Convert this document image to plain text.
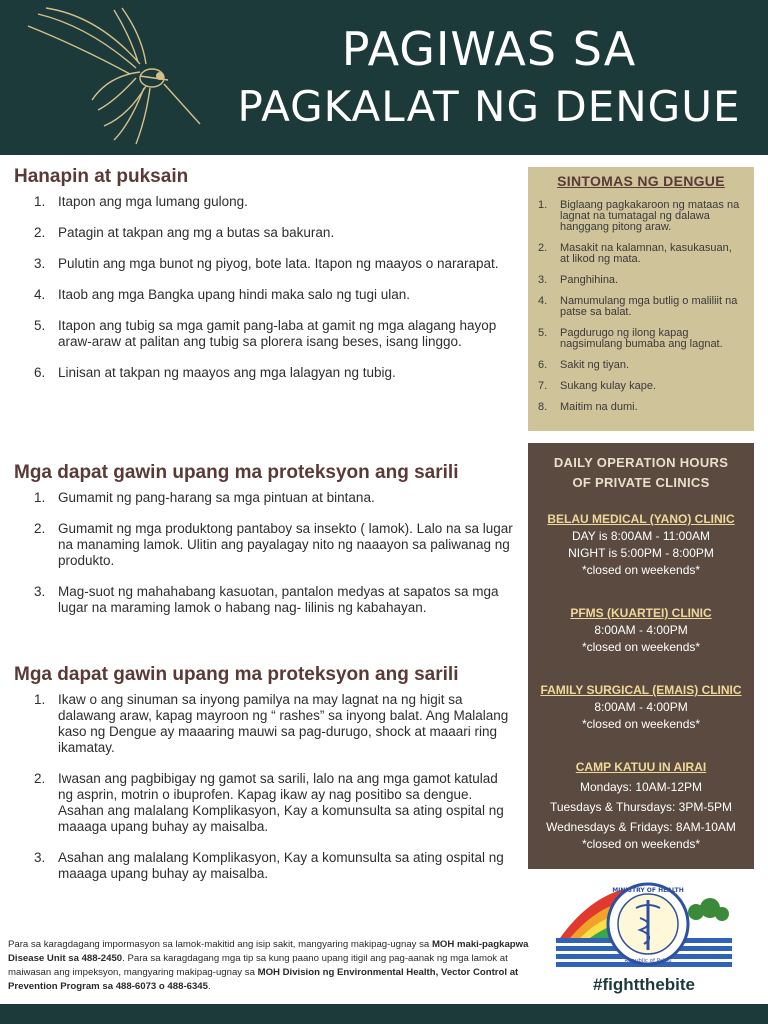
PAGIWAS SA
PAGKALAT NG DENGUE
Hanapin at puksain
1. Itapon ang mga lumang gulong.
2. Patagin at takpan ang mg a butas sa bakuran.
3. Pulutin ang mga bunot ng piyog, bote lata. Itapon ng maayos o nararapat.
4. Itaob ang mga Bangka upang hindi maka salo ng tugi ulan.
5. Itapon ang tubig sa mga gamit pang-laba at gamit ng mga alagang hayop araw-araw at palitan ang tubig sa plorera isang beses, isang linggo.
6. Linisan at takpan ng maayos ang mga lalagyan ng tubig.
Mga dapat gawin upang ma proteksyon ang sarili
1. Gumamit ng pang-harang sa mga pintuan at bintana.
2. Gumamit ng mga produktong pantaboy sa insekto ( lamok). Lalo na sa lugar na manaming lamok. Ulitin ang payalagay nito ng naaayon sa paliwanag ng produkto.
3. Mag-suot ng mahahabang kasuotan, pantalon medyas at sapatos sa mga lugar na maraming lamok o habang nag- lilinis ng kabahayan.
Mga dapat gawin upang ma proteksyon ang sarili
1. Ikaw o ang sinuman sa inyong pamilya na may lagnat na ng higit sa dalawang araw, kapag mayroon ng “ rashes” sa inyong balat. Ang Malalang kaso ng Dengue ay maaaring mauwi sa pag-durugo, shock at maaari ring ikamatay.
2. Iwasan ang pagbibigay ng gamot sa sarili, lalo na ang mga gamot katulad ng asprin, motrin o ibuprofen. Kapag ikaw ay nag positibo sa dengue. Asahan ang malalang Komplikasyon, Kay a komunsulta sa ating ospital ng maaaga upang buhay ay maisalba.
3. Asahan ang malalang Komplikasyon, Kay a komunsulta sa ating ospital ng maaaga upang buhay ay maisalba.
SINTOMAS NG DENGUE
1. Biglaang pagkakaroon ng mataas na lagnat na tumatagal ng dalawa hanggang pitong araw.
2. Masakit na kalamnan, kasukasuan, at likod ng mata.
3. Panghihina.
4. Namumulang mga butlig o maliliit na patse sa balat.
5. Pagdurugo ng ilong kapag nagsimulang bumaba ang lagnat.
6. Sakit ng tiyan.
7. Sukang kulay kape.
8. Maitim na dumi.
DAILY OPERATION HOURS
OF PRIVATE CLINICS
BELAU MEDICAL (YANO) CLINIC
DAY is 8:00AM - 11:00AM
NIGHT is 5:00PM - 8:00PM
*closed on weekends*
PFMS (KUARTEI) CLINIC
8:00AM - 4:00PM
*closed on weekends*
FAMILY SURGICAL (EMAIS) CLINIC
8:00AM - 4:00PM
*closed on weekends*
CAMP KATUU IN AIRAI
Mondays: 10AM-12PM
Tuesdays & Thursdays: 3PM-5PM
Wednesdays & Fridays: 8AM-10AM
*closed on weekends*
Para sa karagdagang impormasyon sa lamok-makitid ang isip sakit, mangyaring makipag-ugnay sa MOH maki-pagkapwa Disease Unit sa 488-2450. Para sa karagdagang mga tip sa kung paano upang itigil ang pag-aanak ng mga lamok at maiwasan ang impeksyon, mangyaring makipag-ugnay sa MOH Division ng Environmental Health, Vector Control at Prevention Program sa 488-6073 o 488-6345.
MINISTRY OF HEALTH
Republic of Palau
#fightthebite
